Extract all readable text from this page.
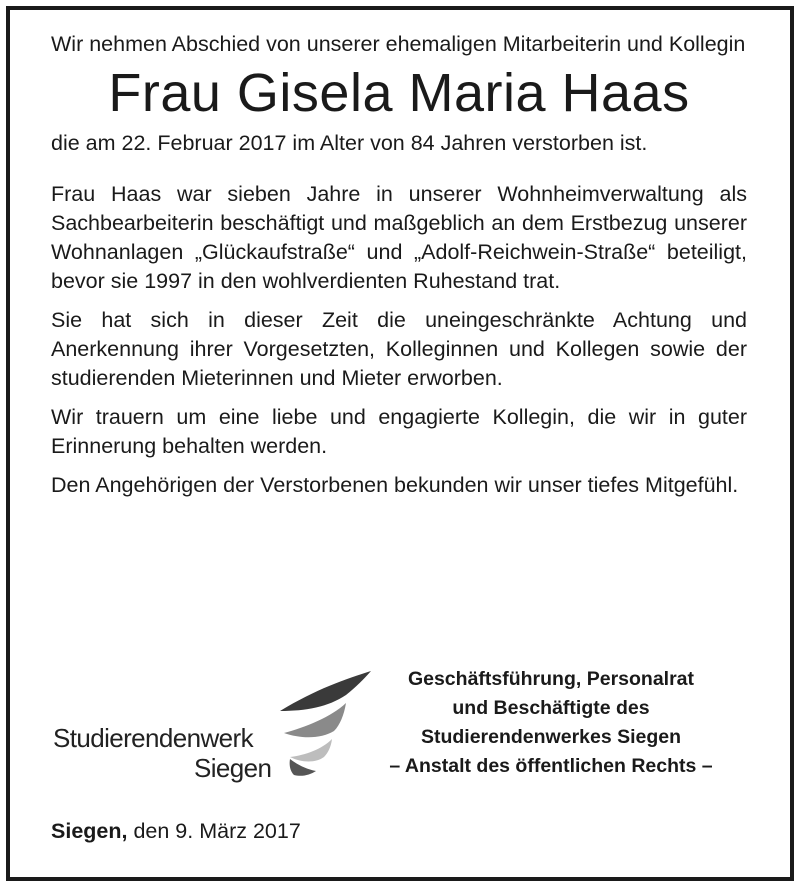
Wir nehmen Abschied von unserer ehemaligen Mitarbeiterin und Kollegin

Frau Gisela Maria Haas

die am 22. Februar 2017 im Alter von 84 Jahren verstorben ist.

Frau Haas war sieben Jahre in unserer Wohnheimverwaltung als Sachbearbeiterin beschäftigt und maßgeblich an dem Erstbezug unserer Wohnanlagen „Glückaufstraße“ und „Adolf-Reichwein-Straße“ beteiligt, bevor sie 1997 in den wohlverdienten Ruhestand trat.

Sie hat sich in dieser Zeit die uneingeschränkte Achtung und Anerkennung ihrer Vorgesetzten, Kolleginnen und Kollegen sowie der studierenden Mieterinnen und Mieter erworben.

Wir trauern um eine liebe und engagierte Kollegin, die wir in guter Erinnerung behalten werden.

Den Angehörigen der Verstorbenen bekunden wir unser tiefes Mitgefühl.

Studierendenwerk
Siegen
Geschäftsführung, Personalrat
und Beschäftigte des
Studierendenwerkes Siegen
– Anstalt des öffentlichen Rechts –
Siegen, den 9. März 2017
